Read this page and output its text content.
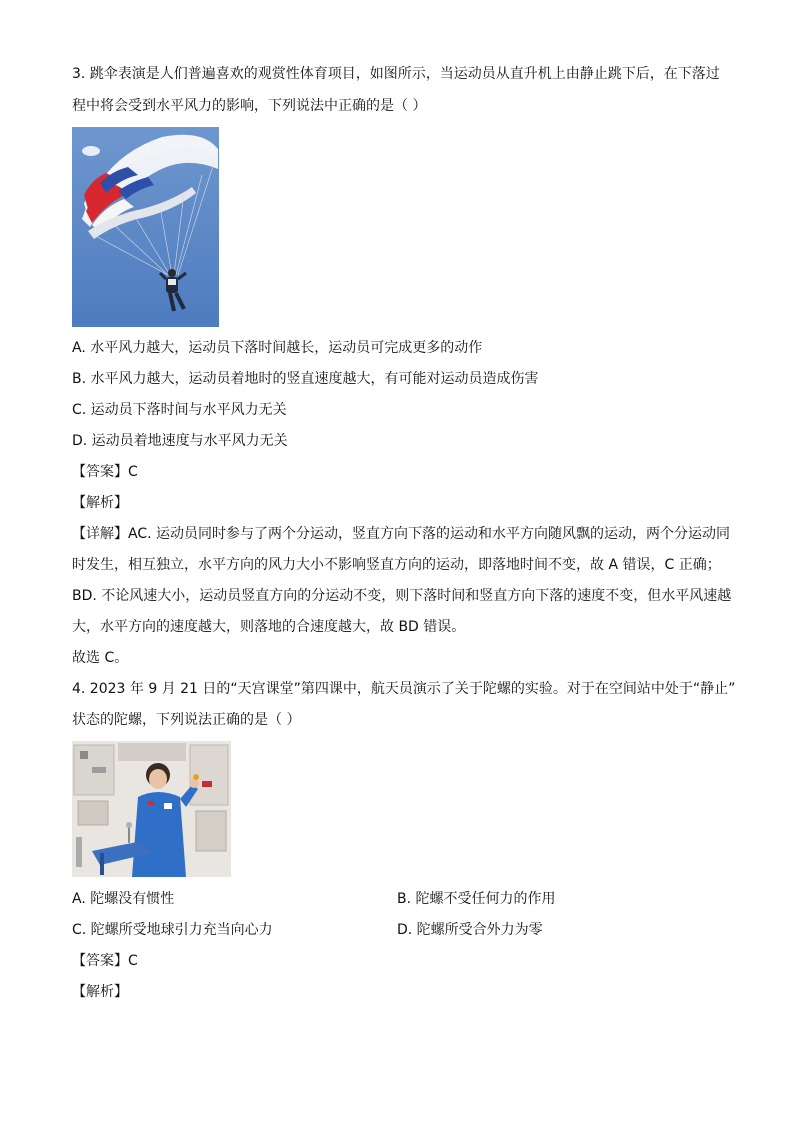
3. 跳伞表演是人们普遍喜欢的观赏性体育项目，如图所示，当运动员从直升机上由静止跳下后，在下落过
程中将会受到水平风力的影响，下列说法中正确的是（ ）
A. 水平风力越大，运动员下落时间越长，运动员可完成更多的动作
B. 水平风力越大，运动员着地时的竖直速度越大，有可能对运动员造成伤害
C. 运动员下落时间与水平风力无关
D. 运动员着地速度与水平风力无关
【答案】C
【解析】
【详解】AC. 运动员同时参与了两个分运动，竖直方向下落的运动和水平方向随风飘的运动，两个分运动同
时发生，相互独立，水平方向的风力大小不影响竖直方向的运动，即落地时间不变，故 A 错误，C 正确；
BD. 不论风速大小，运动员竖直方向的分运动不变，则下落时间和竖直方向下落的速度不变，但水平风速越
大，水平方向的速度越大，则落地的合速度越大，故 BD 错误。
故选 C。
4. 2023 年 9 月 21 日的“天宫课堂”第四课中，航天员演示了关于陀螺的实验。对于在空间站中处于“静止”
状态的陀螺，下列说法正确的是（ ）
A. 陀螺没有惯性	B. 陀螺不受任何力的作用
C. 陀螺所受地球引力充当向心力	D. 陀螺所受合外力为零
【答案】C
【解析】
